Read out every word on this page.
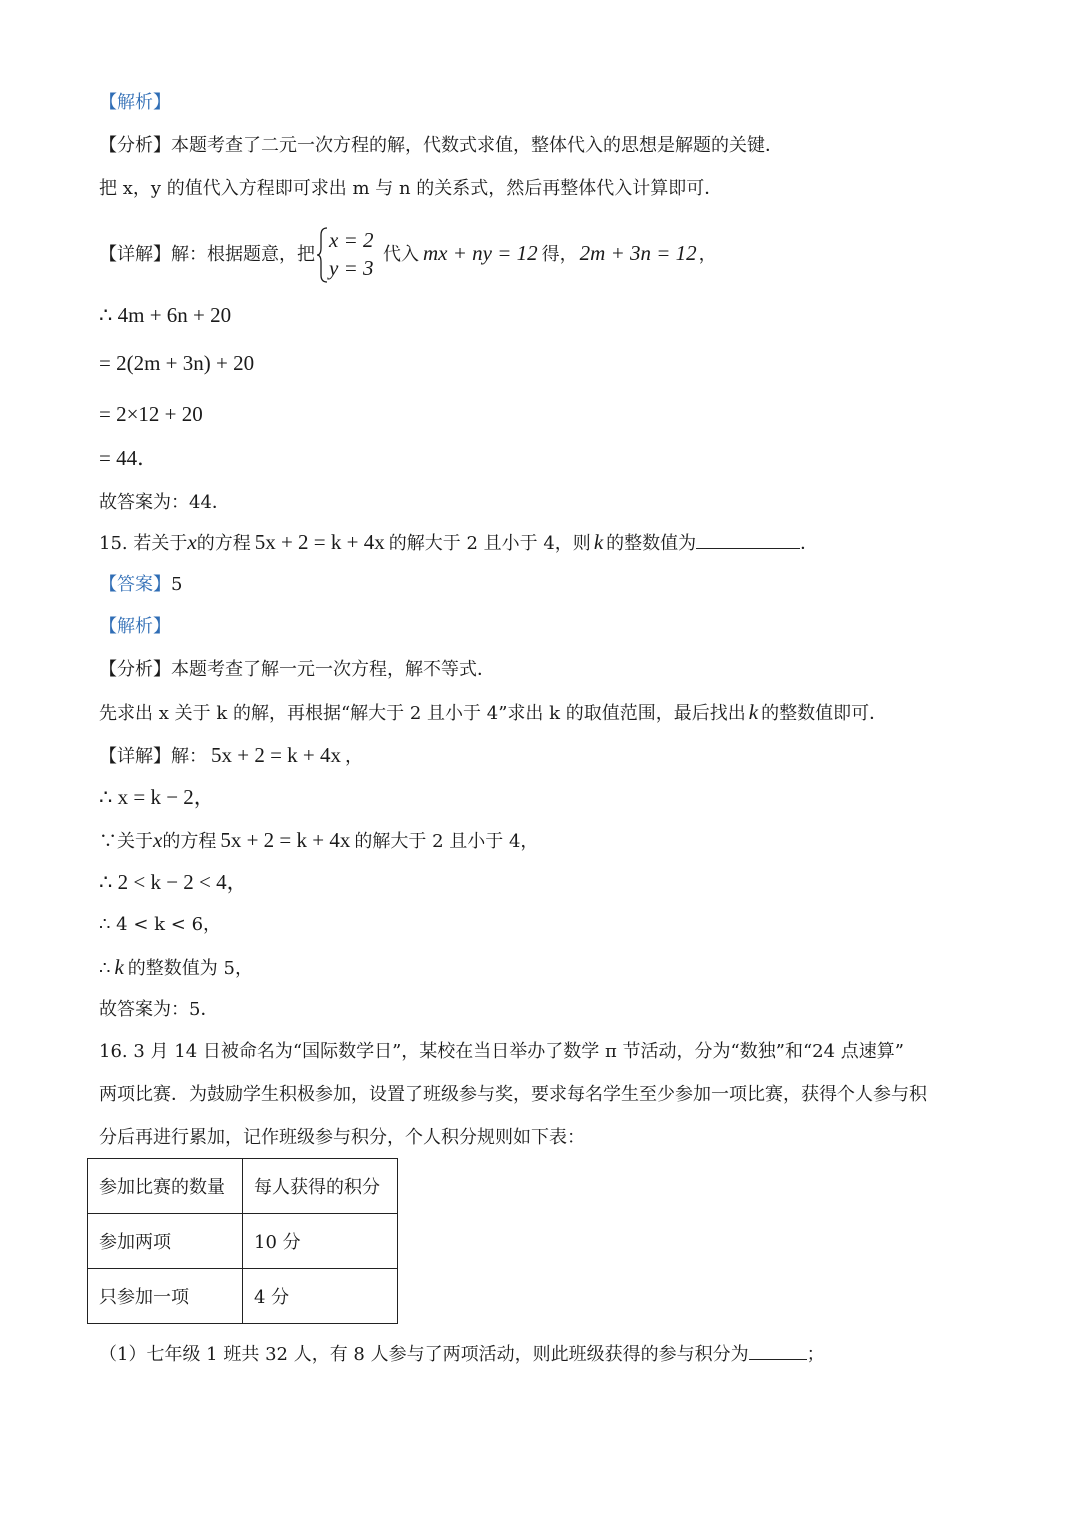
【解析】
【分析】本题考查了二元一次方程的解，代数式求值，整体代入的思想是解题的关键．
把 x，y 的值代入方程即可求出 m 与 n 的关系式，然后再整体代入计算即可．
【详解】解：根据题意，把
x = 2
y = 3
代入 mx + ny = 12 得，2m + 3n = 12 ，
∴ 4m + 6n + 20
= 2(2m + 3n) + 20
= 2×12 + 20
= 44．
故答案为：44．
15. 若关于x的方程 5x + 2 = k + 4x 的解大于 2 且小于 4，则 k 的整数值为	．
【答案】5
【解析】
【分析】本题考查了解一元一次方程，解不等式．
先求出 x 关于 k 的解，再根据“解大于 2 且小于 4”求出 k 的取值范围，最后找出 k 的整数值即可．
【详解】解： 5x + 2 = k + 4x ，
∴ x = k − 2，
∵关于x的方程 5x + 2 = k + 4x 的解大于 2 且小于 4，
∴ 2 < k − 2 < 4，
∴ 4 < k < 6，
∴ k 的整数值为 5，
故答案为：5．
16. 3 月 14 日被命名为“国际数学日”，某校在当日举办了数学 π 节活动，分为“数独”和“24 点速算”
两项比赛．为鼓励学生积极参加，设置了班级参与奖，要求每名学生至少参加一项比赛，获得个人参与积
分后再进行累加，记作班级参与积分，个人积分规则如下表：
参加比赛的数量	每人获得的积分
参加两项	10 分
只参加一项	4 分
（1）七年级 1 班共 32 人，有 8 人参与了两项活动，则此班级获得的参与积分为	；
